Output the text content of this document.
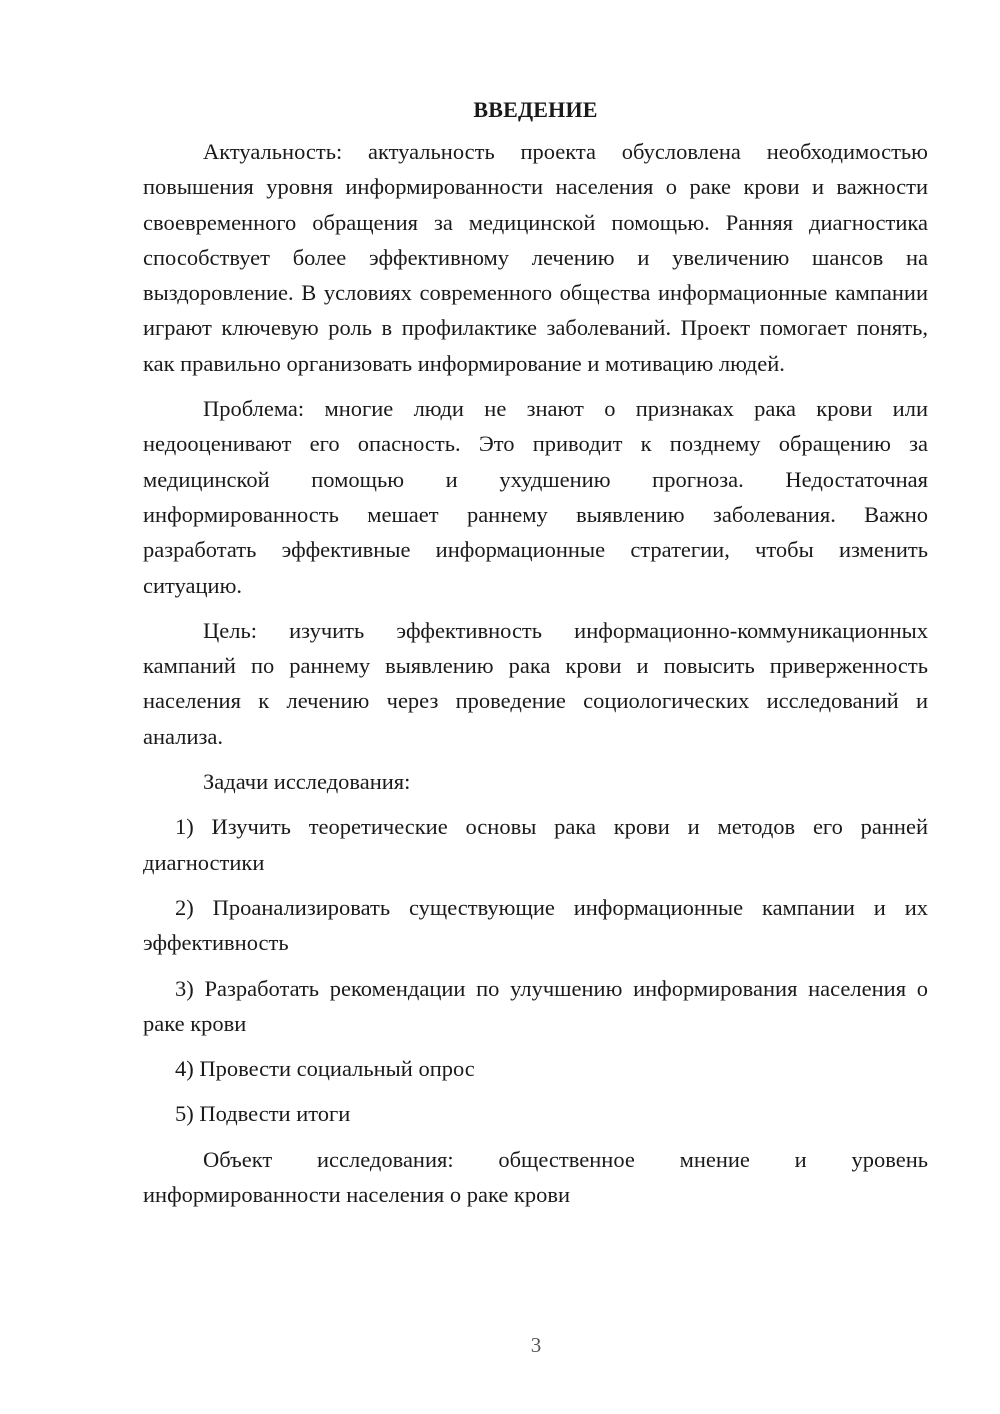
ВВЕДЕНИЕ

Актуальность: актуальность проекта обусловлена необходимостью повышения уровня информированности населения о раке крови и важности своевременного обращения за медицинской помощью. Ранняя диагностика способствует более эффективному лечению и увеличению шансов на выздоровление. В условиях современного общества информационные кампании играют ключевую роль в профилактике заболеваний. Проект помогает понять, как правильно организовать информирование и мотивацию людей.

Проблема: многие люди не знают о признаках рака крови или недооценивают его опасность. Это приводит к позднему обращению за медицинской помощью и ухудшению прогноза. Недостаточная информированность мешает раннему выявлению заболевания. Важно разработать эффективные информационные стратегии, чтобы изменить ситуацию.

Цель: изучить эффективность информационно-коммуникационных кампаний по раннему выявлению рака крови и повысить приверженность населения к лечению через проведение социологических исследований и анализа.

Задачи исследования:

1) Изучить теоретические основы рака крови и методов его ранней диагностики

2) Проанализировать существующие информационные кампании и их эффективность

3) Разработать рекомендации по улучшению информирования населения о раке крови

4) Провести социальный опрос

5) Подвести итоги

Объект исследования: общественное мнение и уровень информированности населения о раке крови

3
